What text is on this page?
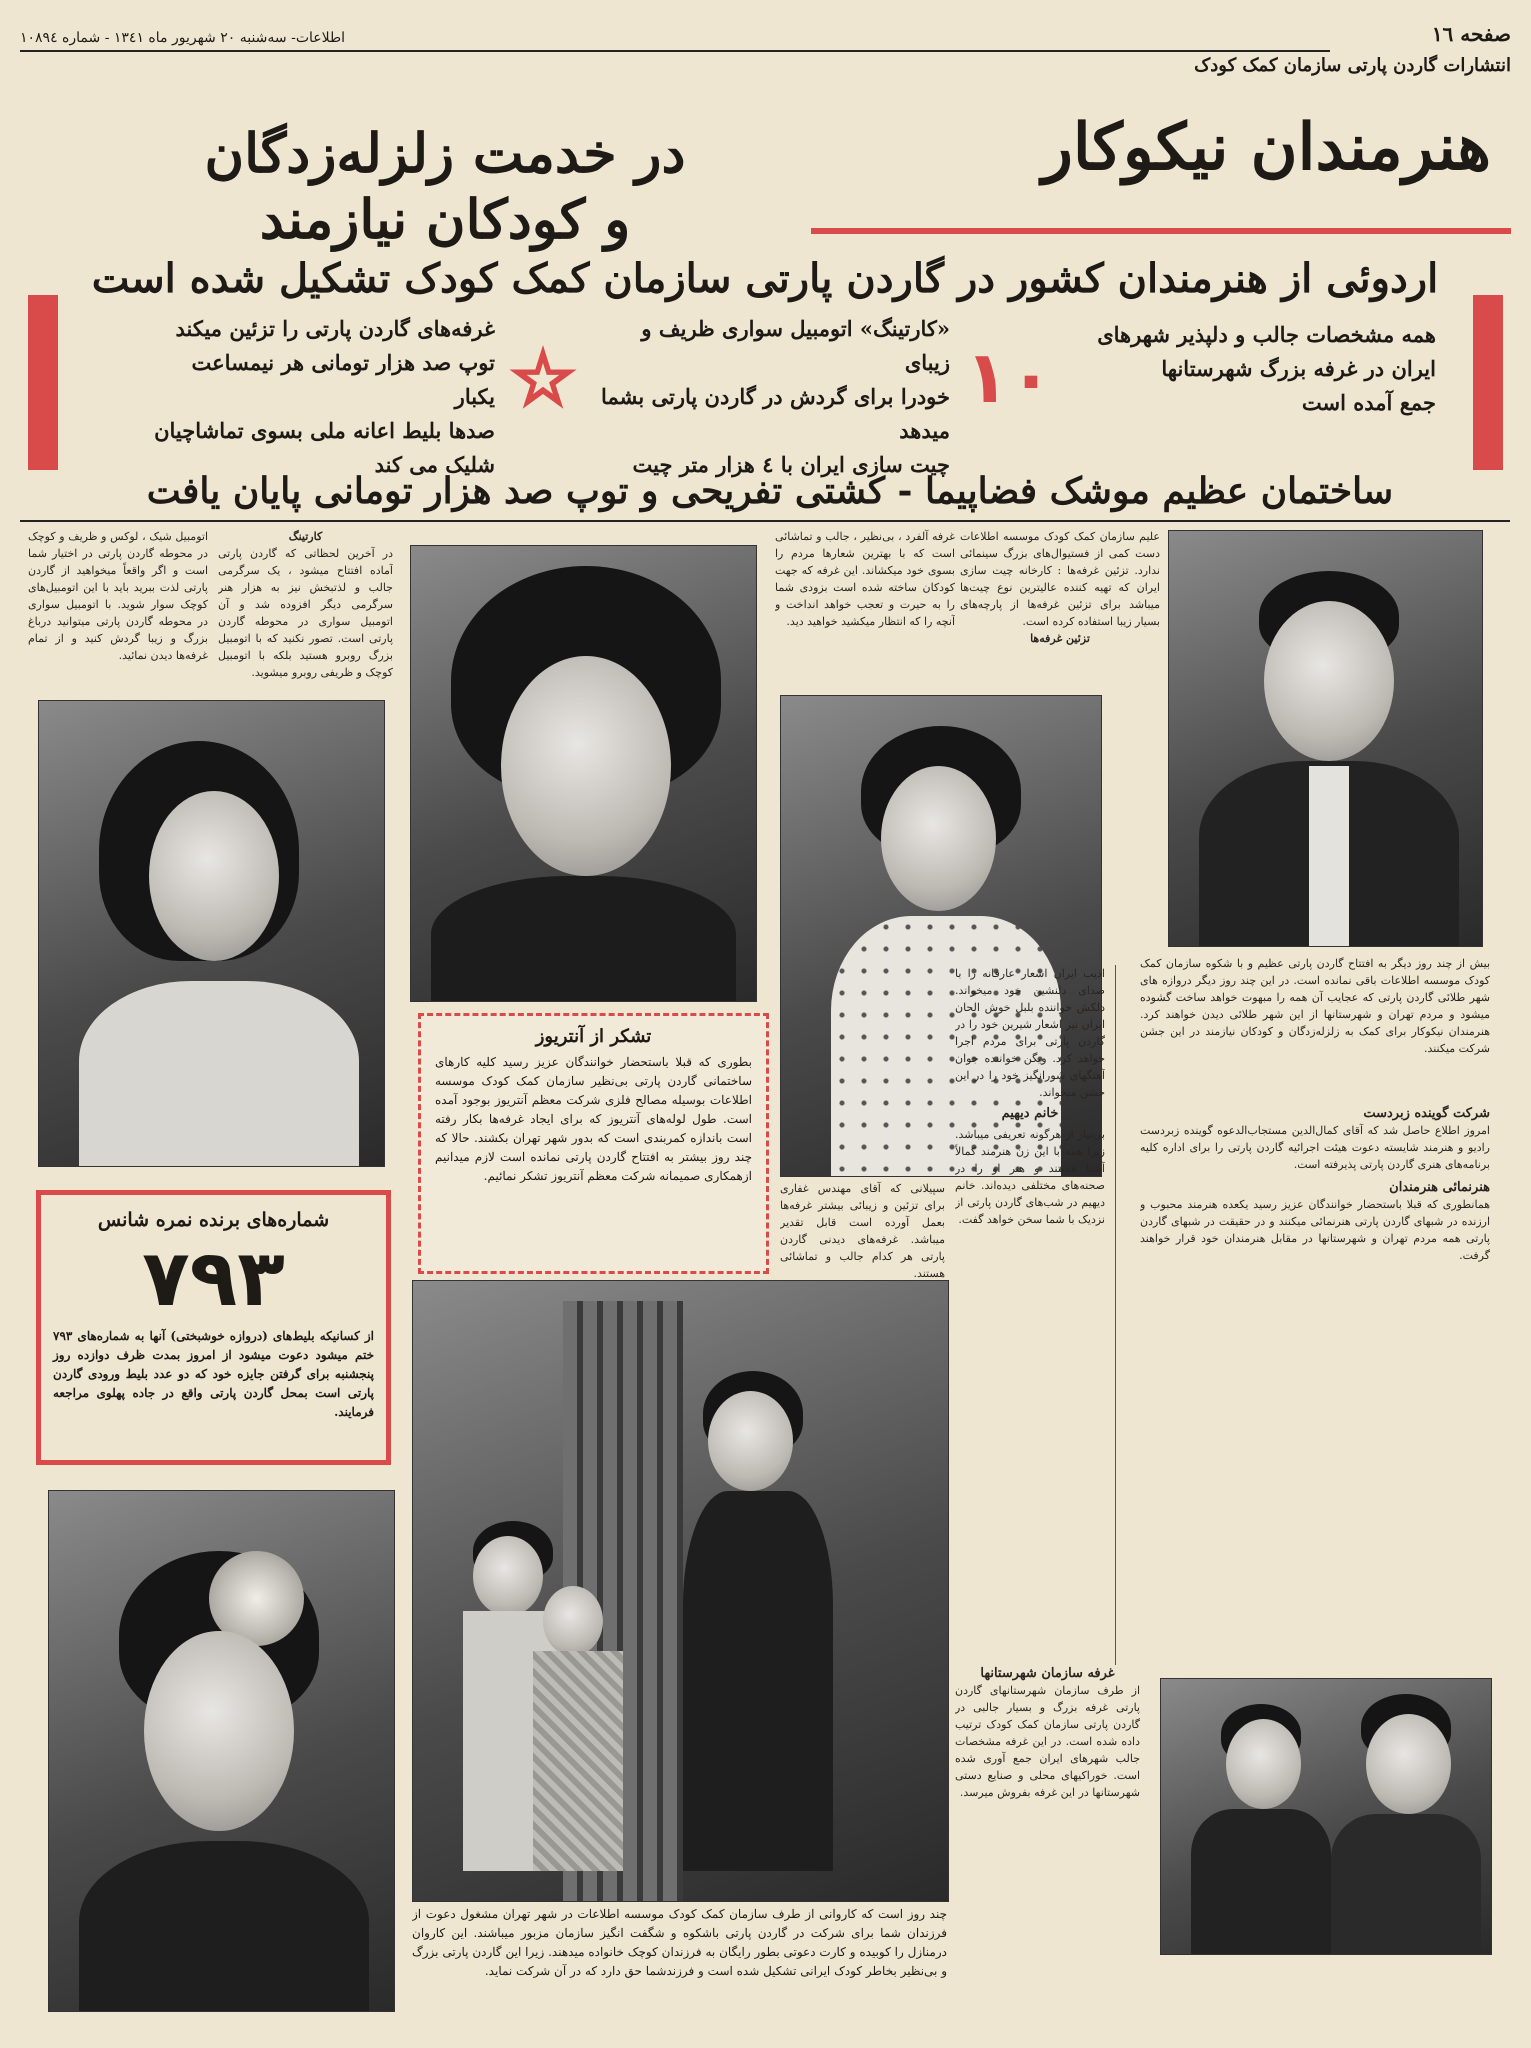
صفحه ١٦
اطلاعات- سه‌شنبه ٢٠ شهریور ماه ١٣٤١ - شماره ١٠٨٩٤
انتشارات گاردن پارتی سازمان کمک کودک
هنرمندان نیکوکار
در خدمت زلزله‌زدگان
و کودکان نیازمند
اردوئی از هنرمندان کشور در گاردن پارتی سازمان کمک کودک تشکیل شده است
همه مشخصات جالب و دلپذیر شهرهای
ایران در غرفه بزرگ شهرستانها
جمع آمده است
١٠
«کارتینگ» اتومبیل سواری ظریف و زیبای
خودرا برای گردش در گاردن پارتی بشما
میدهد
چیت سازی ایران با ٤ هزار متر چیت
غرفه‌های گاردن پارتی را تزئین میکند
توپ صد هزار تومانی هر نیمساعت یکبار
صدها بلیط اعانه ملی بسوی تماشاچیان
شلیک می کند
ساختمان عظیم موشک فضاپیما - کشتی تفریحی و توپ صد هزار تومانی پایان یافت
اتومبیل شیک ، لوکس و ظریف و کوچک در محوطه گاردن پارتی در اختیار شما است و اگر واقعاً میخواهید از گاردن پارتی لذت ببرید باید با این اتومبیل‌های کوچک سوار شوید. با اتومبیل سواری در محوطه گاردن پارتی میتوانید درباغ بزرگ و زیبا گردش کنید و از تمام غرفه‌ها دیدن نمائید.
کارتینگ
در آخرین لحظاتی که گاردن پارتی آماده افتتاح میشود ، یک سرگرمی جالب و لذتبخش نیز به هزار هنر سرگرمی دیگر افزوده شد و آن اتومبیل سواری در محوطه گاردن پارتی است. تصور نکنید که با اتومبیل بزرگ روبرو هستید بلکه با اتومبیل کوچک و ظریفی روبرو میشوید.
غرفه آلفرد ، بی‌نظیر ، جالب و تماشائی است که با بهترین شعارها مردم را بسوی خود میکشاند. این غرفه که جهت کودکان ساخته شده است بزودی شما را به حیرت و تعجب خواهد انداخت و آنچه را که انتظار میکشید خواهید دید.
علیم سازمان کمک کودک موسسه اطلاعات دست کمی از فستیوال‌های بزرگ سینمائی ندارد. تزئین غرفه‌ها : کارخانه چیت سازی ایران که تهیه کننده عالیترین نوع چیت‌ها میباشد برای تزئین غرفه‌ها از پارچه‌های بسیار زیبا استفاده کرده است.
تزئین غرفه‌ها
تشکر از آنتریوز
بطوری که قبلا باستحضار خوانندگان عزیز رسید کلیه کارهای ساختمانی گاردن پارتی بی‌نظیر سازمان کمک کودک موسسه اطلاعات بوسیله مصالح فلزی شرکت معظم آنتریوز بوجود آمده است. طول لوله‌های آنتریوز که برای ایجاد غرفه‌ها بکار رفته است باندازه کمربندی است که بدور شهر تهران بکشند. حالا که چند روز بیشتر به افتتاح گاردن پارتی نمانده است لازم میدانیم ازهمکاری صمیمانه شرکت معظم آنتریوز تشکر نمائیم.
شماره‌های برنده نمره شانس
٧٩٣
از کسانیکه بلیط‌های (دروازه خوشبختی) آنها به شماره‌های ٧٩٣ ختم میشود دعوت میشود از امروز بمدت ظرف دوازده روز پنجشنبه برای گرفتن جایزه خود که دو عدد بلیط ورودی گاردن پارتی است بمحل گاردن پارتی واقع در جاده پهلوی مراجعه فرمایند.
بیش از چند روز دیگر به افتتاح گاردن پارتی عظیم و با شکوه سازمان کمک کودک موسسه اطلاعات باقی نمانده است. در این چند روز دیگر دروازه های شهر طلائی گاردن پارتی که عجایب آن همه را مبهوت خواهد ساخت گشوده میشود و مردم تهران و شهرستانها از این شهر طلائی دیدن خواهند کرد. هنرمندان نیکوکار برای کمک به زلزله‌زدگان و کودکان نیازمند در این جشن شرکت میکنند.
شرکت گوینده زبردست
امروز اطلاع حاصل شد که آقای کمال‌الدین مستجاب‌الدعوه گوینده زبردست رادیو و هنرمند شایسته دعوت هیئت اجرائیه گاردن پارتی را برای اداره کلیه برنامه‌های هنری گاردن پارتی پذیرفته است.
هنرنمائی هنرمندان
همانطوری که قبلا باستحضار خوانندگان عزیز رسید یکعده هنرمند محبوب و ارزنده در شبهای گاردن پارتی هنرنمائی میکنند و در حقیقت در شبهای گاردن پارتی همه مردم تهران و شهرستانها در مقابل هنرمندان خود قرار خواهند گرفت.
ادیب ایران اشعار عارفانه را با صدای دلنشین خود میخواند. دلکش خواننده بلبل خوش الحان ایران نیز اشعار شیرین خود را در گاردن پارتی برای مردم اجرا خواهد کرد. ویگن خواننده جوان آهنگهای شورانگیز خود را در این جشن میخواند.
خانم دیهیم
بی‌نیاز از هرگونه تعریفی میباشد. زیرا همه با این زن هنرمند کمالاً آشنا هستند و هنر او را در صحنه‌های مختلفی دیده‌اند. خانم دیهیم در شب‌های گاردن پارتی از نزدیک با شما سخن خواهد گفت.
سپیلانی که آقای مهندس غفاری برای تزئین و زیبائی بیشتر غرفه‌ها بعمل آورده است قابل تقدیر میباشد. غرفه‌های دیدنی گاردن پارتی هر کدام جالب و تماشائی هستند.
غرفه سازمان شهرستانها
از طرف سازمان شهرستانهای گاردن پارتی غرفه بزرگ و بسیار جالبی در گاردن پارتی سازمان کمک کودک ترتیب داده شده است. در این غرفه مشخصات جالب شهرهای ایران جمع آوری شده است. خوراکیهای محلی و صنایع دستی شهرستانها در این غرفه بفروش میرسد.
چند روز است که کاروانی از طرف سازمان کمک کودک موسسه اطلاعات در شهر تهران مشغول دعوت از فرزندان شما برای شرکت در گاردن پارتی باشکوه و شگفت انگیز سازمان مزبور میباشند. این کاروان درمنازل را کوبیده و کارت دعوتی بطور رایگان به فرزندان کوچک خانواده میدهند. زیرا این گاردن پارتی بزرگ و بی‌نظیر بخاطر کودک ایرانی تشکیل شده است و فرزندشما حق دارد که در آن شرکت نماید.
